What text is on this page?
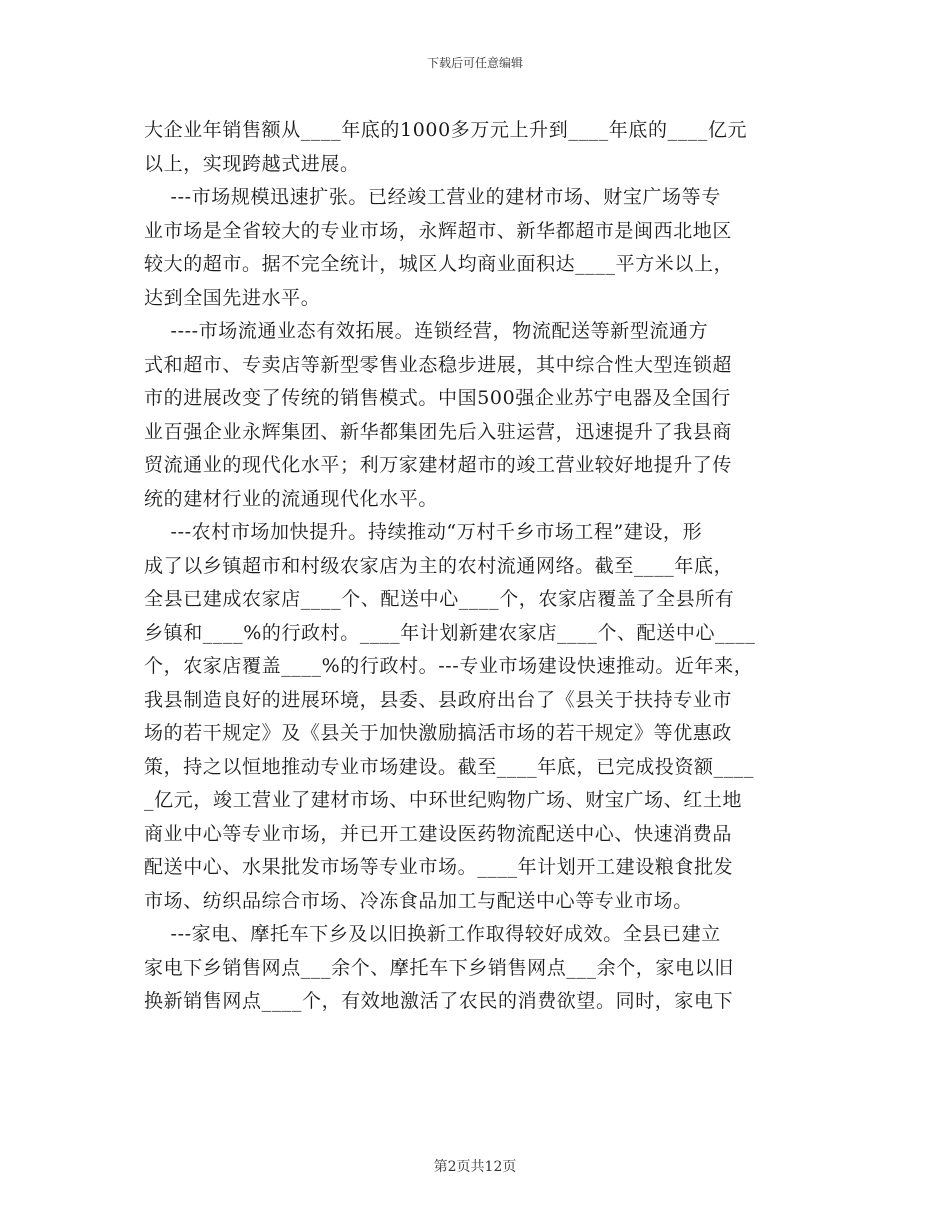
下载后可任意编辑
大企业年销售额从____年底的1000多万元上升到____年底的____亿元
以上，实现跨越式进展。
---市场规模迅速扩张。已经竣工营业的建材市场、财宝广场等专
业市场是全省较大的专业市场，永辉超市、新华都超市是闽西北地区
较大的超市。据不完全统计，城区人均商业面积达____平方米以上，
达到全国先进水平。
----市场流通业态有效拓展。连锁经营，物流配送等新型流通方
式和超市、专卖店等新型零售业态稳步进展，其中综合性大型连锁超
市的进展改变了传统的销售模式。中国500强企业苏宁电器及全国行
业百强企业永辉集团、新华都集团先后入驻运营，迅速提升了我县商
贸流通业的现代化水平；利万家建材超市的竣工营业较好地提升了传
统的建材行业的流通现代化水平。
---农村市场加快提升。持续推动“万村千乡市场工程”建设，形
成了以乡镇超市和村级农家店为主的农村流通网络。截至____年底，
全县已建成农家店____个、配送中心____个，农家店覆盖了全县所有
乡镇和____%的行政村。____年计划新建农家店____个、配送中心____
个，农家店覆盖____%的行政村。---专业市场建设快速推动。近年来，
我县制造良好的进展环境，县委、县政府出台了《县关于扶持专业市
场的若干规定》及《县关于加快激励搞活市场的若干规定》等优惠政
策，持之以恒地推动专业市场建设。截至____年底，已完成投资额____
_亿元，竣工营业了建材市场、中环世纪购物广场、财宝广场、红土地
商业中心等专业市场，并已开工建设医药物流配送中心、快速消费品
配送中心、水果批发市场等专业市场。____年计划开工建设粮食批发
市场、纺织品综合市场、冷冻食品加工与配送中心等专业市场。
---家电、摩托车下乡及以旧换新工作取得较好成效。全县已建立
家电下乡销售网点___余个、摩托车下乡销售网点___余个，家电以旧
换新销售网点____个，有效地激活了农民的消费欲望。同时，家电下
第2页共12页
